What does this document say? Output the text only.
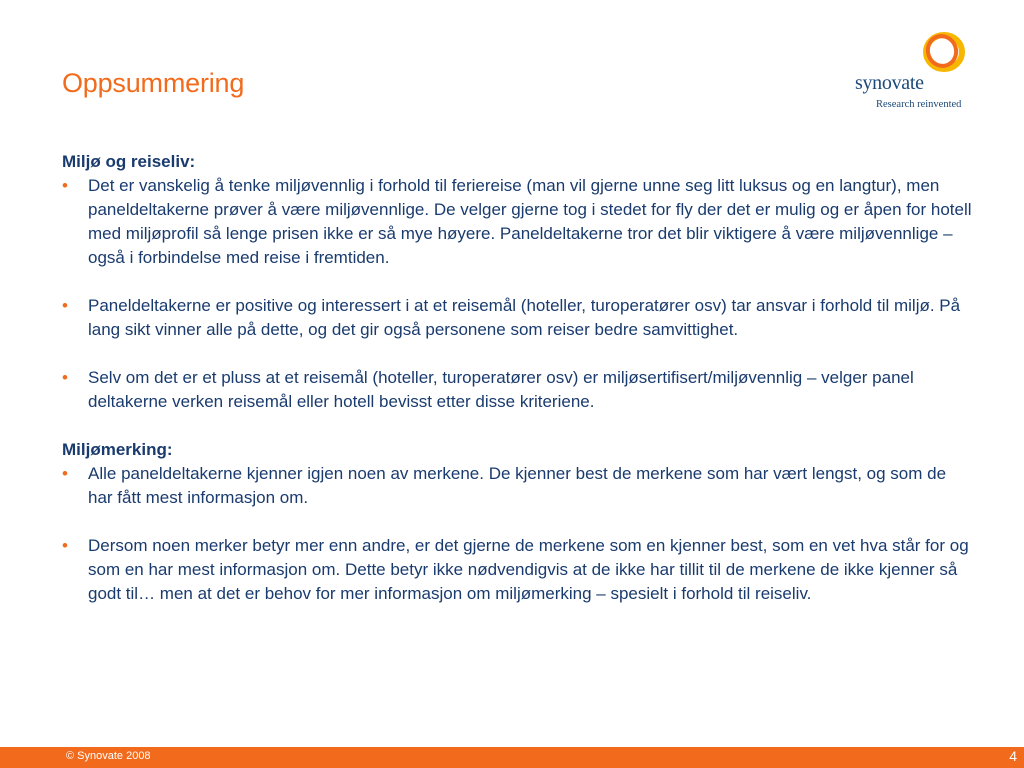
Oppsummering	synovate
Research reinvented

Miljø og reiseliv:

• Det er vanskelig å tenke miljøvennlig i forhold til feriereise (man vil gjerne unne seg litt luksus og en langtur), men paneldeltakerne prøver å være miljøvennlige. De velger gjerne tog i stedet for fly der det er mulig og er åpen for hotell med miljøprofil så lenge prisen ikke er så mye høyere. Paneldeltakerne tror det blir viktigere å være miljøvennlige – også i forbindelse med reise i fremtiden.
• Paneldeltakerne er positive og interessert i at et reisemål (hoteller, turoperatører osv) tar ansvar i forhold til miljø. På lang sikt vinner alle på dette, og det gir også personene som reiser bedre samvittighet.
• Selv om det er et pluss at et reisemål (hoteller, turoperatører osv) er miljøsertifisert/miljøvennlig – velger panel deltakerne verken reisemål eller hotell bevisst etter disse kriteriene.

Miljømerking:

• Alle paneldeltakerne kjenner igjen noen av merkene. De kjenner best de merkene som har vært lengst, og som de har fått mest informasjon om.
• Dersom noen merker betyr mer enn andre, er det gjerne de merkene som en kjenner best, som en vet hva står for og som en har mest informasjon om. Dette betyr ikke nødvendigvis at de ikke har tillit til de merkene de ikke kjenner så godt til… men at det er behov for mer informasjon om miljømerking – spesielt i forhold til reiseliv.
© Synovate 2008	4
